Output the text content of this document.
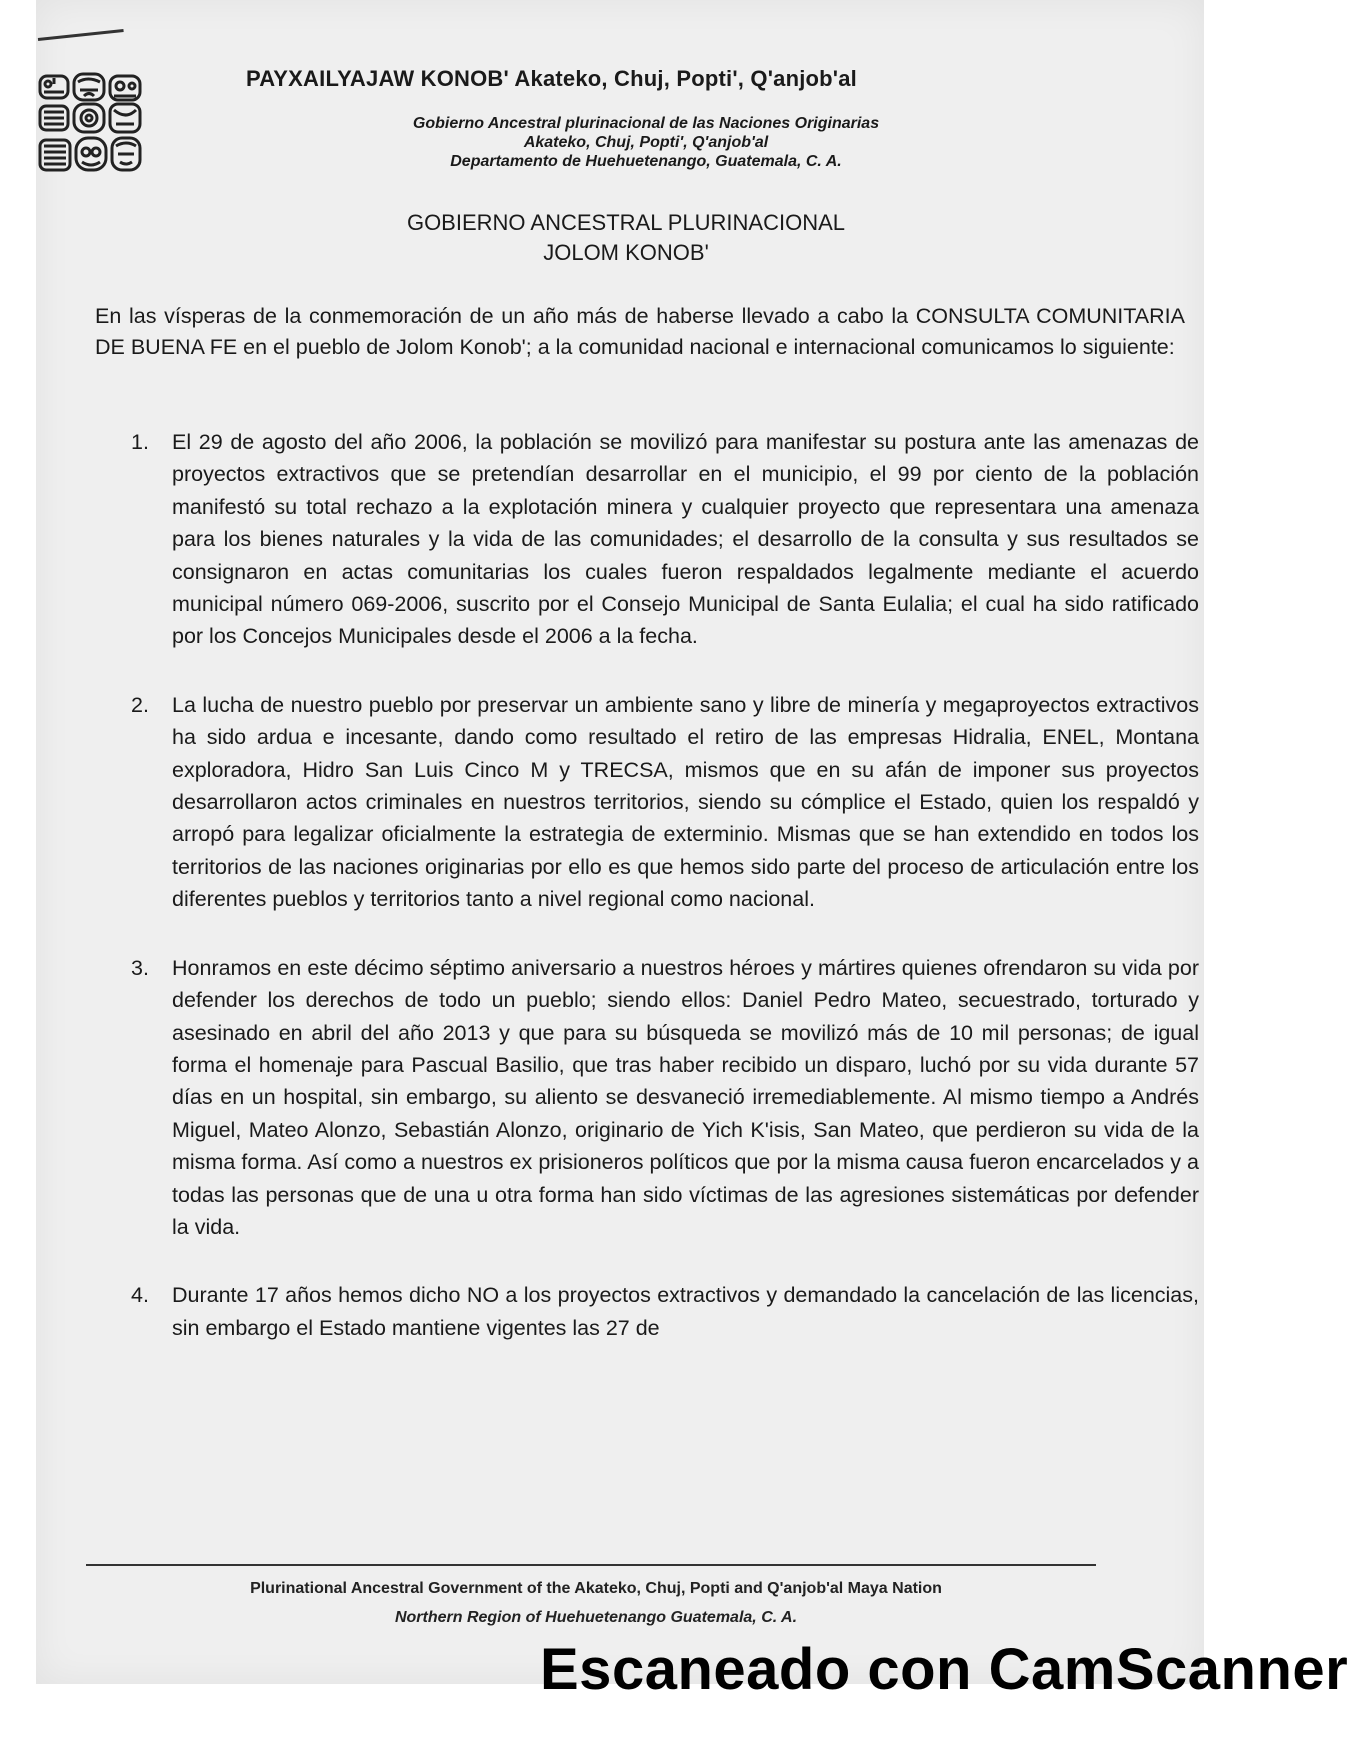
PAYXAILYAJAW KONOB' Akateko, Chuj, Popti', Q'anjob'al
Gobierno Ancestral plurinacional de las Naciones Originarias
Akateko, Chuj, Popti', Q'anjob'al
Departamento de Huehuetenango, Guatemala, C. A.
GOBIERNO ANCESTRAL PLURINACIONAL
JOLOM KONOB'
En las vísperas de la conmemoración de un año más de haberse llevado a cabo la CONSULTA COMUNITARIA DE BUENA FE en el pueblo de Jolom Konob'; a la comunidad nacional e internacional comunicamos lo siguiente:
1.	El 29 de agosto del año 2006, la población se movilizó para manifestar su postura ante las amenazas de proyectos extractivos que se pretendían desarrollar en el municipio, el 99 por ciento de la población manifestó su total rechazo a la explotación minera y cualquier proyecto que representara una amenaza para los bienes naturales y la vida de las comunidades; el desarrollo de la consulta y sus resultados se consignaron en actas comunitarias los cuales fueron respaldados legalmente mediante el acuerdo municipal número 069-2006, suscrito por el Consejo Municipal de Santa Eulalia; el cual ha sido ratificado por los Concejos Municipales desde el 2006 a la fecha.
2.	La lucha de nuestro pueblo por preservar un ambiente sano y libre de minería y megaproyectos extractivos ha sido ardua e incesante, dando como resultado el retiro de las empresas Hidralia, ENEL, Montana exploradora, Hidro San Luis Cinco M y TRECSA, mismos que en su afán de imponer sus proyectos desarrollaron actos criminales en nuestros territorios, siendo su cómplice el Estado, quien los respaldó y arropó para legalizar oficialmente la estrategia de exterminio. Mismas que se han extendido en todos los territorios de las naciones originarias por ello es que hemos sido parte del proceso de articulación entre los diferentes pueblos y territorios tanto a nivel regional como nacional.
3.	Honramos en este décimo séptimo aniversario a nuestros héroes y mártires quienes ofrendaron su vida por defender los derechos de todo un pueblo; siendo ellos: Daniel Pedro Mateo, secuestrado, torturado y asesinado en abril del año 2013 y que para su búsqueda se movilizó más de 10 mil personas; de igual forma el homenaje para Pascual Basilio, que tras haber recibido un disparo, luchó por su vida durante 57 días en un hospital, sin embargo, su aliento se desvaneció irremediablemente. Al mismo tiempo a Andrés Miguel, Mateo Alonzo, Sebastián Alonzo, originario de Yich K'isis, San Mateo, que perdieron su vida de la misma forma. Así como a nuestros ex prisioneros políticos que por la misma causa fueron encarcelados y a todas las personas que de una u otra forma han sido víctimas de las agresiones sistemáticas por defender la vida.
4.	Durante 17 años hemos dicho NO a los proyectos extractivos y demandado la cancelación de las licencias, sin embargo el Estado mantiene vigentes las 27 de
Plurinational Ancestral Government of the Akateko, Chuj, Popti and Q'anjob'al Maya Nation
Northern Region of Huehuetenango Guatemala, C. A.
Escaneado con CamScanner
